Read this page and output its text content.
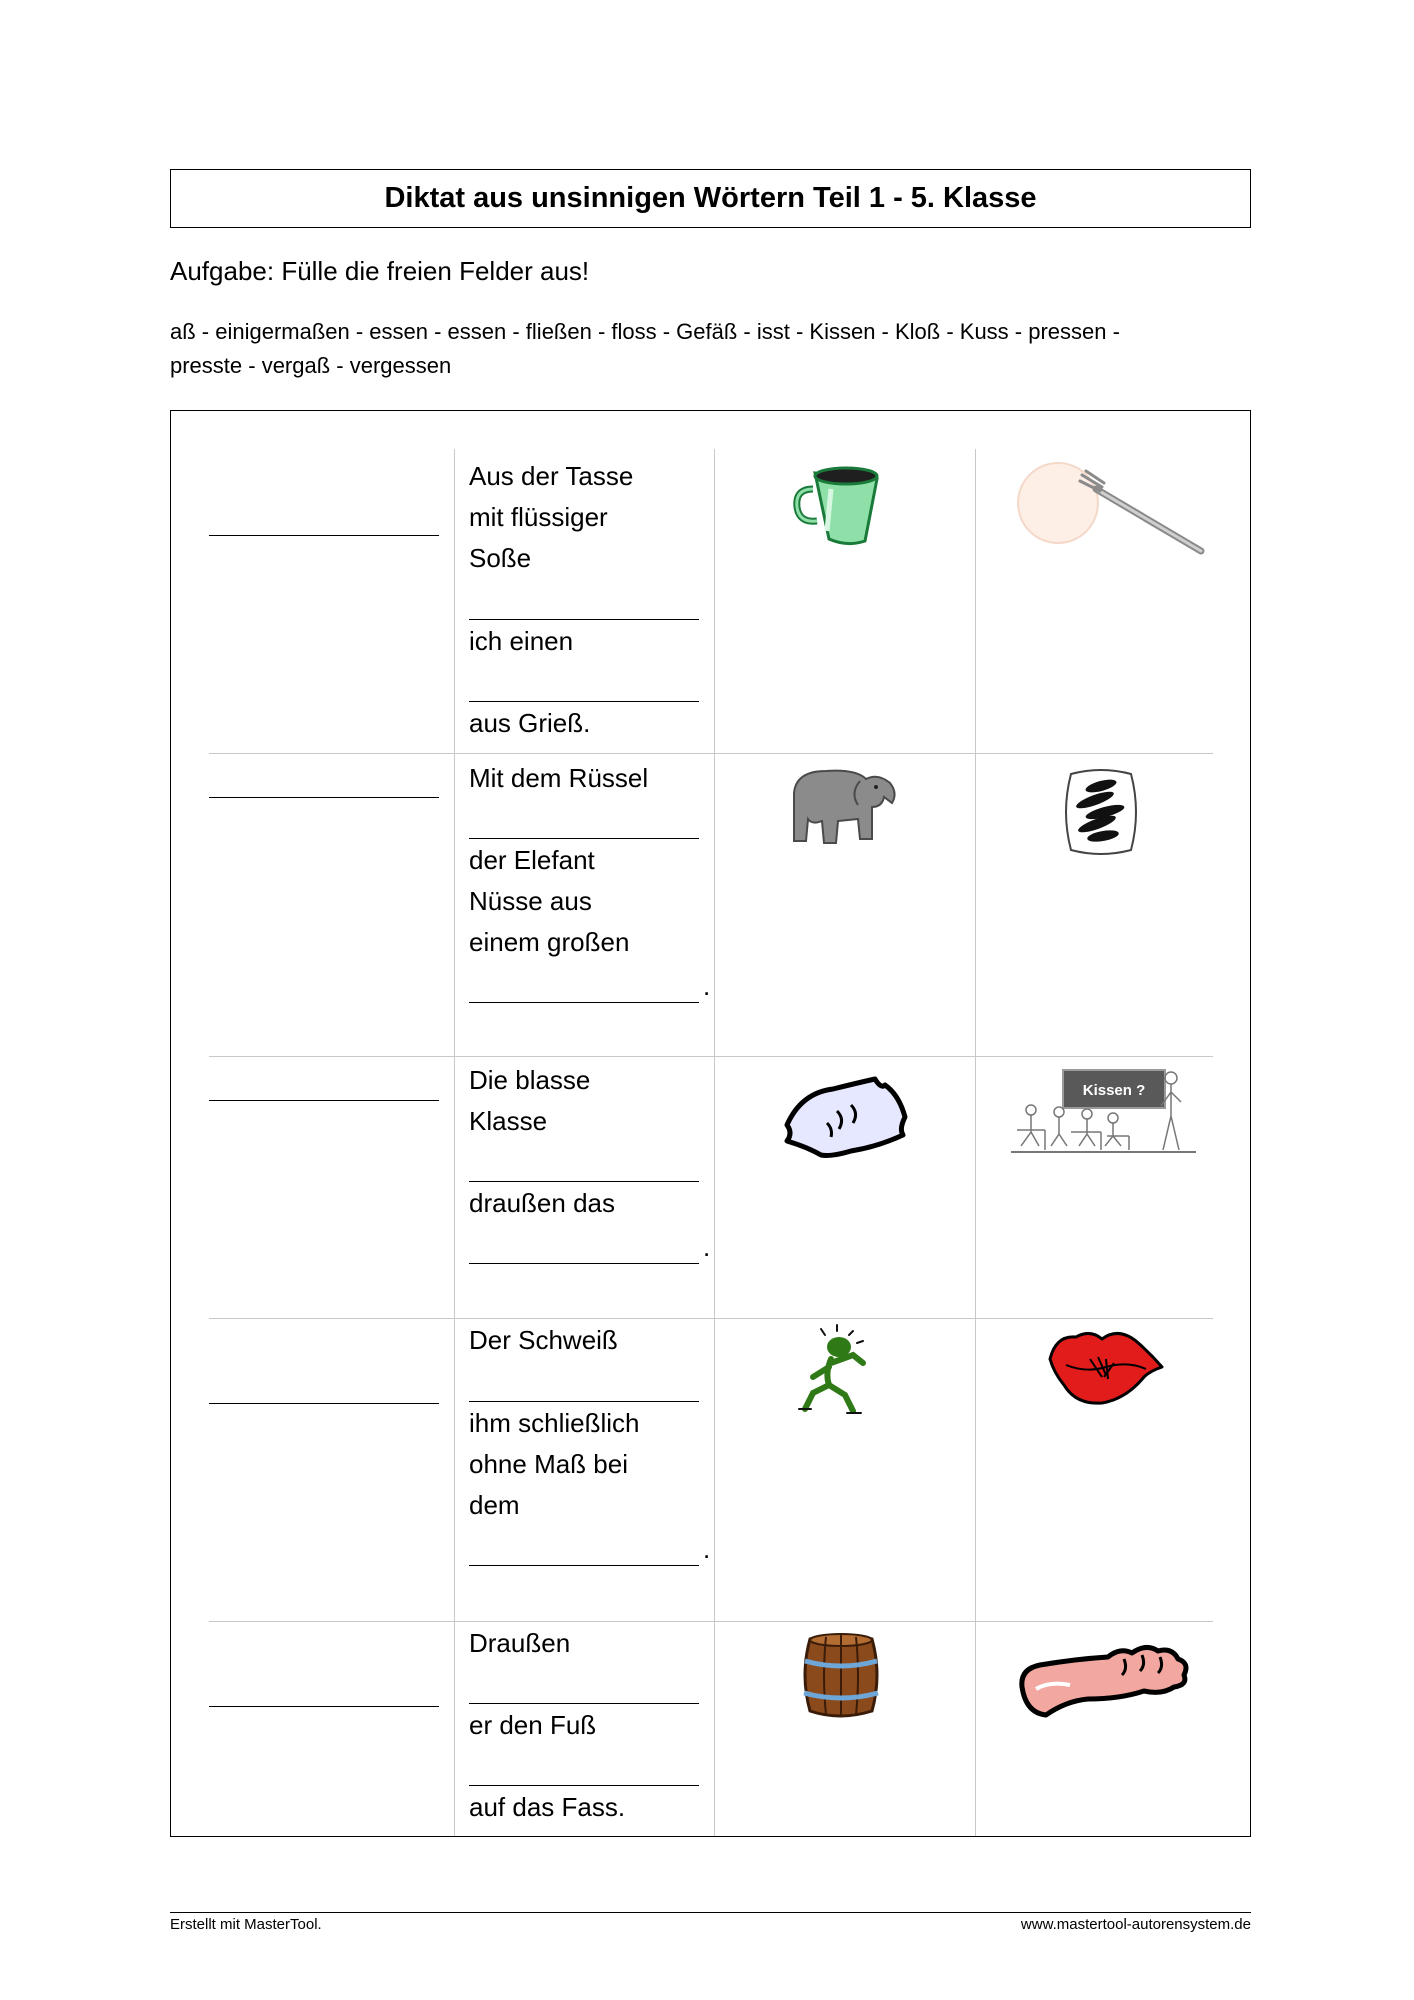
Diktat aus unsinnigen Wörtern Teil 1 - 5. Klasse
Aufgabe: Fülle die freien Felder aus!
aß - einigermaßen - essen - essen - fließen - floss - Gefäß - isst - Kissen - Kloß - Kuss - pressen -
presste - vergaß - vergessen
Aus der Tasse
mit flüssiger
Soße
ich einen
aus Grieß.
Mit dem Rüssel
der Elefant
Nüsse aus
einem großen
.
Die blasse
Klasse
draußen das
.
Der Schweiß
ihm schließlich
ohne Maß bei
dem
.
Draußen
er den Fuß
auf das Fass.
Kissen ?
Erstellt mit MasterTool.	www.mastertool-autorensystem.de
